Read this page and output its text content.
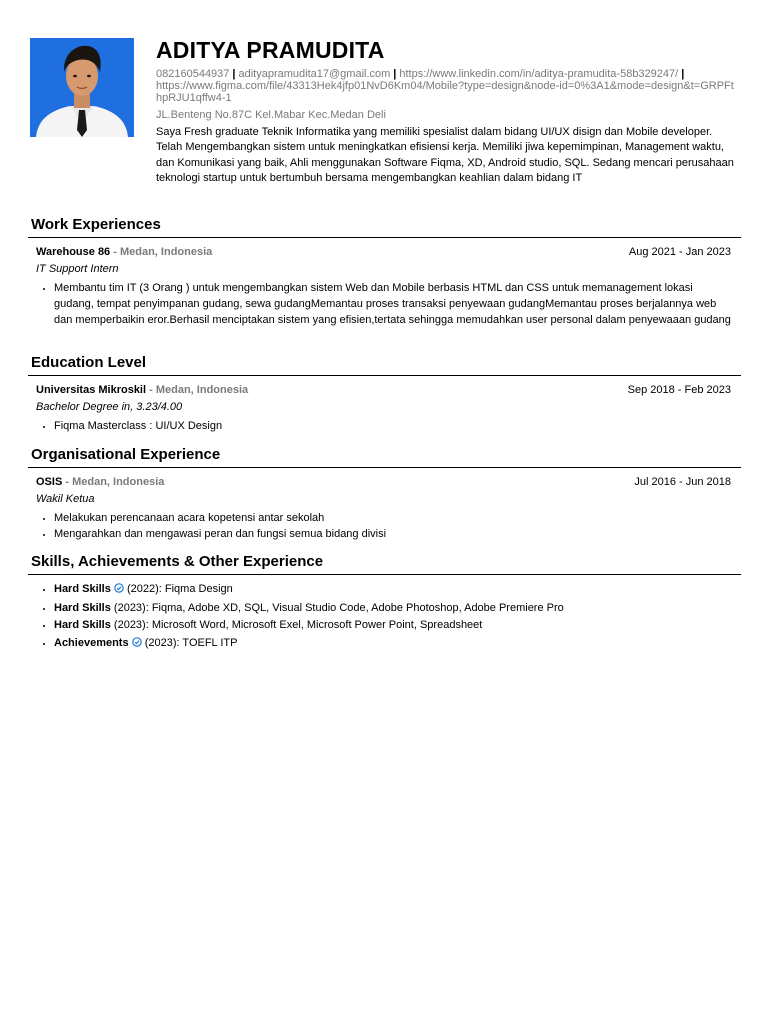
ADITYA PRAMUDITA
082160544937 | adityapramudita17@gmail.com | https://www.linkedin.com/in/aditya-pramudita-58b329247/ |
https://www.figma.com/file/43313Hek4jfp01NvD6Km04/Mobile?type=design&node-id=0%3A1&mode=design&t=GRPFthpRJU1qffw4-1
JL.Benteng No.87C Kel.Mabar Kec.Medan Deli
Saya Fresh graduate Teknik Informatika yang memiliki spesialist dalam bidang UI/UX disign dan Mobile developer. Telah Mengembangkan sistem untuk meningkatkan efisiensi kerja. Memiliki jiwa kepemimpinan, Management waktu, dan Komunikasi yang baik, Ahli menggunakan Software Fiqma, XD, Android studio, SQL. Sedang mencari perusahaan teknologi startup untuk bertumbuh bersama mengembangkan keahlian dalam bidang IT
Work Experiences
Warehouse 86 - Medan, Indonesia	Aug 2021 - Jan 2023
IT Support Intern
• Membantu tim IT (3 Orang ) untuk mengembangkan sistem Web dan Mobile berbasis HTML dan CSS untuk memanagement lokasi gudang, tempat penyimpanan gudang, sewa gudangMemantau proses transaksi penyewaan gudangMemantau proses berjalannya web dan memperbaikin eror.Berhasil menciptakan sistem yang efisien,tertata sehingga memudahkan user personal dalam penyewaaan gudang
Education Level
Universitas Mikroskil - Medan, Indonesia	Sep 2018 - Feb 2023
Bachelor Degree in, 3.23/4.00
• Fiqma Masterclass : UI/UX Design
Organisational Experience
OSIS - Medan, Indonesia	Jul 2016 - Jun 2018
Wakil Ketua
• Melakukan perencanaan acara kopetensi antar sekolah
• Mengarahkan dan mengawasi peran dan fungsi semua bidang divisi
Skills, Achievements & Other Experience
• Hard Skills  (2022): Fiqma Design
• Hard Skills (2023): Fiqma, Adobe XD, SQL, Visual Studio Code, Adobe Photoshop, Adobe Premiere Pro
• Hard Skills (2023): Microsoft Word, Microsoft Exel, Microsoft Power Point, Spreadsheet
• Achievements  (2023): TOEFL ITP
